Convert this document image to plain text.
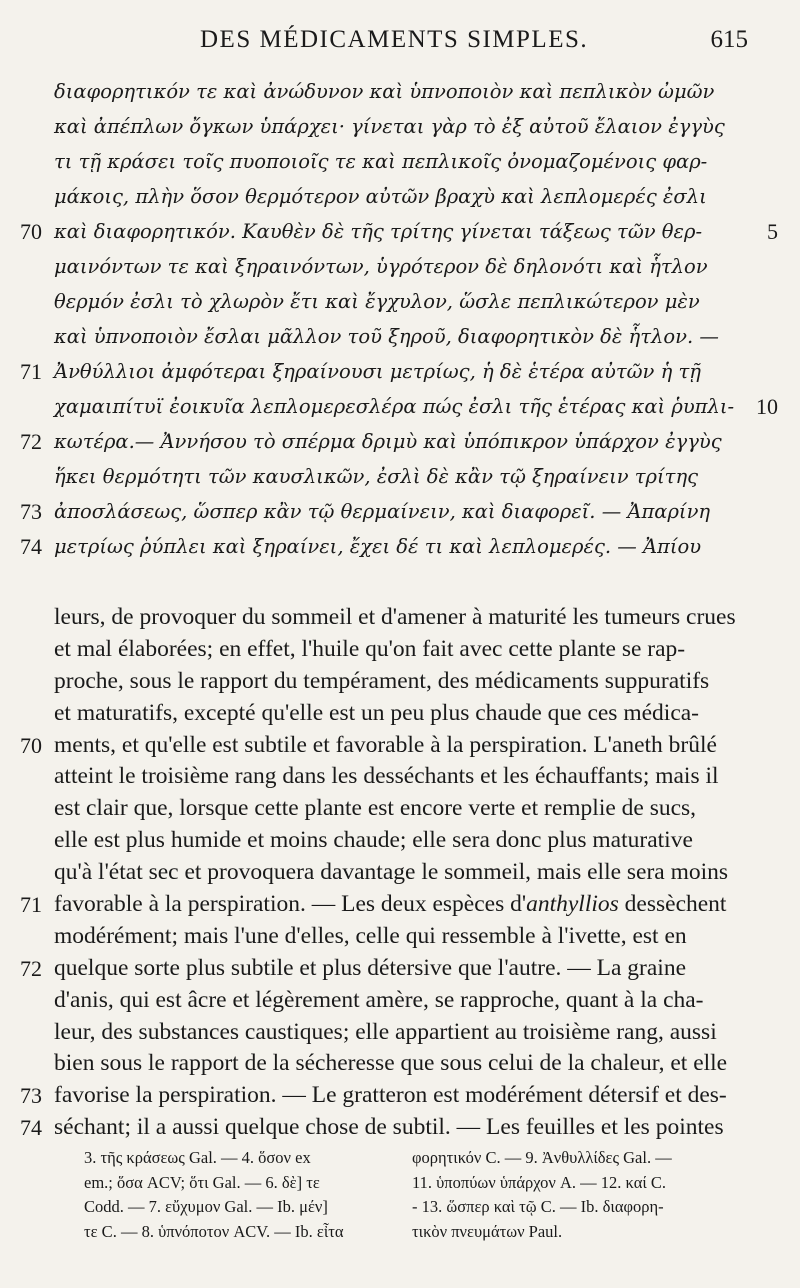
DES MÉDICAMENTS SIMPLES.	615
διαφορητικόν τε καὶ ἀνώδυνον καὶ ὑπνοποιὸν καὶ πεπλικὸν ὠμῶν
καὶ ἀπέπλων ὄγκων ὑπάρχει· γίνεται γὰρ τὸ ἐξ αὐτοῦ ἔλαιον ἐγγὺς
τι τῇ κράσει τοῖς πυοποιοῖς τε καὶ πεπλικοῖς ὀνομαζομένοις φαρ-
μάκοις, πλὴν ὅσον θερμότερον αὐτῶν βραχὺ καὶ λεπλομερές ἐσλι
70 καὶ διαφορητικόν. Καυθὲν δὲ τῆς τρίτης γίνεται τάξεως τῶν θερ-	5
μαινόντων τε καὶ ξηραινόντων, ὑγρότερον δὲ δηλονότι καὶ ἧτλον
θερμόν ἐσλι τὸ χλωρὸν ἔτι καὶ ἔγχυλον, ὥσλε πεπλικώτερον μὲν
καὶ ὑπνοποιὸν ἔσλαι μᾶλλον τοῦ ξηροῦ, διαφορητικὸν δὲ ἧτλον. —
71 Ἀνθύλλιοι ἀμφότεραι ξηραίνουσι μετρίως, ἡ δὲ ἑτέρα αὐτῶν ἡ τῇ
χαμαιπίτυϊ ἐοικυῖα λεπλομερεσλέρα πώς ἐσλι τῆς ἑτέρας καὶ ῥυπλι- 10
72 κωτέρα.— Ἀννήσου τὸ σπέρμα δριμὺ καὶ ὑπόπικρον ὑπάρχον ἐγγὺς
ἥκει θερμότητι τῶν καυσλικῶν, ἐσλὶ δὲ κἂν τῷ ξηραίνειν τρίτης
73 ἀποσλάσεως, ὥσπερ κἂν τῷ θερμαίνειν, καὶ διαφορεῖ. — Ἀπαρίνη
74 μετρίως ῥύπλει καὶ ξηραίνει, ἔχει δέ τι καὶ λεπλομερές. — Ἀπίου
leurs, de provoquer du sommeil et d'amener à maturité les tumeurs crues
et mal élaborées; en effet, l'huile qu'on fait avec cette plante se rap-
proche, sous le rapport du tempérament, des médicaments suppuratifs
et maturatifs, excepté qu'elle est un peu plus chaude que ces médica-
70 ments, et qu'elle est subtile et favorable à la perspiration. L'aneth brûlé
atteint le troisième rang dans les desséchants et les échauffants; mais il
est clair que, lorsque cette plante est encore verte et remplie de sucs,
elle est plus humide et moins chaude; elle sera donc plus maturative
qu'à l'état sec et provoquera davantage le sommeil, mais elle sera moins
71 favorable à la perspiration. — Les deux espèces d'anthyllios dessèchent
modérément; mais l'une d'elles, celle qui ressemble à l'ivette, est en
72 quelque sorte plus subtile et plus détersive que l'autre. — La graine
d'anis, qui est âcre et légèrement amère, se rapproche, quant à la cha-
leur, des substances caustiques; elle appartient au troisième rang, aussi
bien sous le rapport de la sécheresse que sous celui de la chaleur, et elle
73 favorise la perspiration. — Le gratteron est modérément détersif et des-
74 séchant; il a aussi quelque chose de subtil. — Les feuilles et les pointes
3. τῆς κράσεως Gal. — 4. ὅσον ex
em.; ὅσα ACV; ὅτι Gal. — 6. δὲ] τε
Codd. — 7. εὔχυμον Gal. — Ib. μέν]
τε C. — 8. ὑπνόποτον ACV. — Ib. εἶτα
φορητικόν C. — 9. Ἀνθυλλίδες Gal. —
11. ὑποπύων ὑπάρχον A. — 12. καί C.
- 13. ὥσπερ καὶ τῷ C. — Ib. διαφορη-
τικὸν πνευμάτων Paul.
